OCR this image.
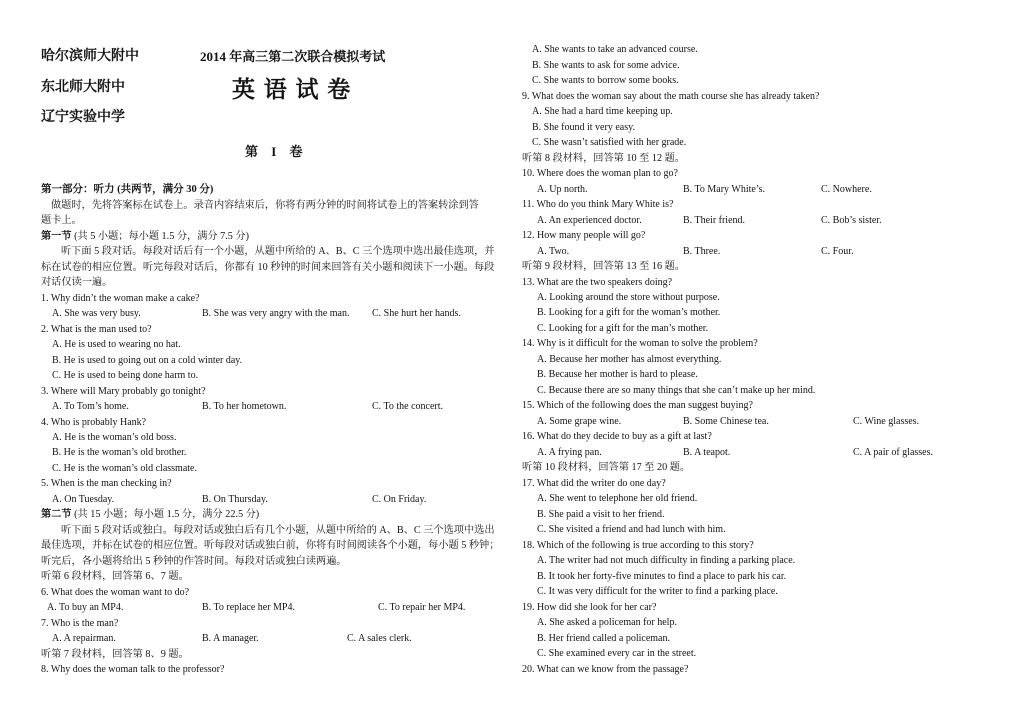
哈尔滨师大附中	2014 年高三第二次联合模拟考试
东北师大附中	英 语 试 卷
辽宁实验中学
第 I 卷
第一部分：听力 (共两节，满分 30 分)
做题时，先将答案标在试卷上。录音内容结束后，你将有两分钟的时间将试卷上的答案转涂到答
题卡上。
第一节 (共 5 小题；每小题 1.5 分，满分 7.5 分)
听下面 5 段对话。每段对话后有一个小题，从题中所给的 A、B、C 三个选项中选出最佳选项，并
标在试卷的相应位置。听完每段对话后，你都有 10 秒钟的时间来回答有关小题和阅读下一小题。每段
对话仅读一遍。
1. Why didn’t the woman make a cake?
A. She was very busy.	B. She was very angry with the man. C. She hurt her hands.
2. What is the man used to?
A. He is used to wearing no hat.
B. He is used to going out on a cold winter day.
C. He is used to being done harm to.
3. Where will Mary probably go tonight?
A. To Tom’s home.	B. To her hometown.	C. To the concert.
4. Who is probably Hank?
A. He is the woman’s old boss.
B. He is the woman’s old brother.
C. He is the woman’s old classmate.
5. When is the man checking in?
A. On Tuesday.	B. On Thursday.	C. On Friday.
第二节 (共 15 小题；每小题 1.5 分，满分 22.5 分)
听下面 5 段对话或独白。每段对话或独白后有几个小题，从题中所给的 A、B、C 三个选项中选出
最佳选项，并标在试卷的相应位置。听每段对话或独白前，你将有时间阅读各个小题，每小题 5 秒钟；
听完后，各小题将给出 5 秒钟的作答时间。每段对话或独白读两遍。
听第 6 段材料，回答第 6、7 题。
6. What does the woman want to do?
A. To buy an MP4.	B. To replace her MP4.	C. To repair her MP4.
7. Who is the man?
A. A repairman.	B. A manager.	C. A sales clerk.
听第 7 段材料，回答第 8、9 题。
8. Why does the woman talk to the professor?
A. She wants to take an advanced course.
B. She wants to ask for some advice.
C. She wants to borrow some books.
9. What does the woman say about the math course she has already taken?
A. She had a hard time keeping up.
B. She found it very easy.
C. She wasn’t satisfied with her grade.
听第 8 段材料，回答第 10 至 12 题。
10. Where does the woman plan to go?
A. Up north.	B. To Mary White’s.	C. Nowhere.
11. Who do you think Mary White is?
A. An experienced doctor.	B. Their friend.	C. Bob’s sister.
12. How many people will go?
A. Two.	B. Three.	C. Four.
听第 9 段材料，回答第 13 至 16 题。
13. What are the two speakers doing?
A. Looking around the store without purpose.
B. Looking for a gift for the woman’s mother.
C. Looking for a gift for the man’s mother.
14. Why is it difficult for the woman to solve the problem?
A. Because her mother has almost everything.
B. Because her mother is hard to please.
C. Because there are so many things that she can’t make up her mind.
15. Which of the following does the man suggest buying?
A. Some grape wine.	B. Some Chinese tea.	C. Wine glasses.
16. What do they decide to buy as a gift at last?
A. A frying pan.	B. A teapot.	C. A pair of glasses.
听第 10 段材料，回答第 17 至 20 题。
17. What did the writer do one day?
A. She went to telephone her old friend.
B. She paid a visit to her friend.
C. She visited a friend and had lunch with him.
18. Which of the following is true according to this story?
A. The writer had not much difficulty in finding a parking place.
B. It took her forty-five minutes to find a place to park his car.
C. It was very difficult for the writer to find a parking place.
19. How did she look for her car?
A. She asked a policeman for help.
B. Her friend called a policeman.
C. She examined every car in the street.
20. What can we know from the passage?
